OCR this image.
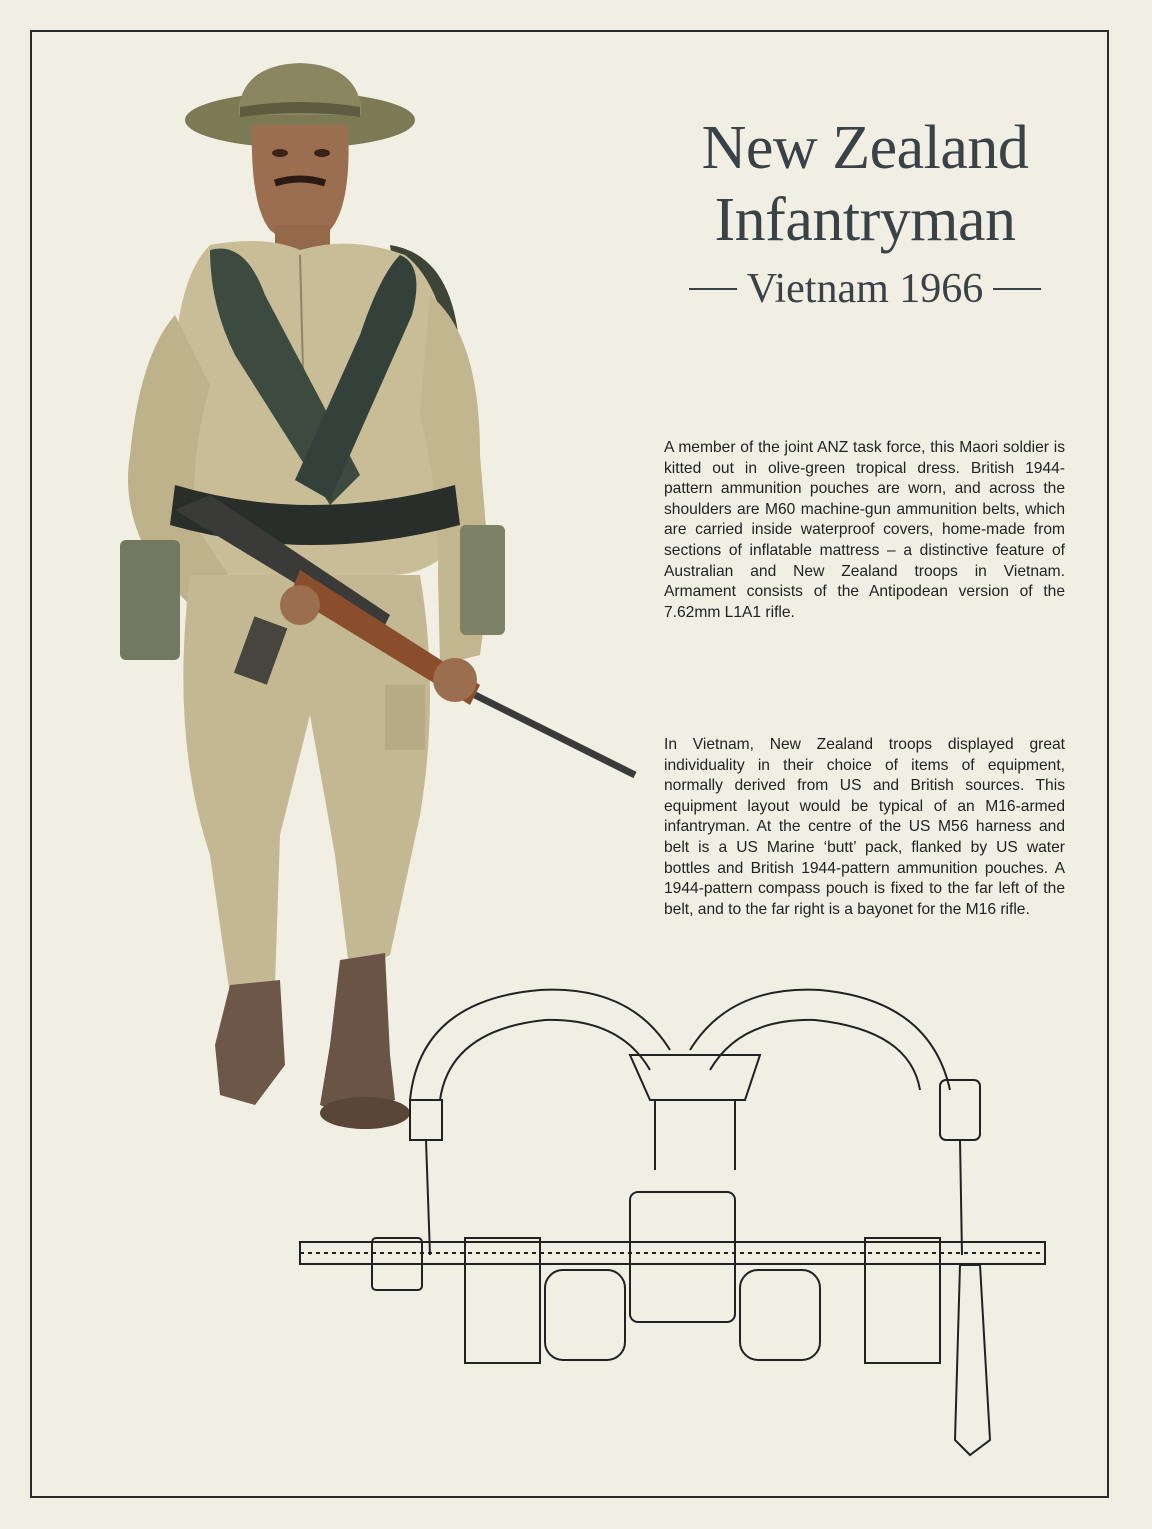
New Zealand
Infantryman
Vietnam 1966

A member of the joint ANZ task force, this Maori soldier is kitted out in olive-green tropical dress. British 1944-pattern ammunition pouches are worn, and across the shoulders are M60 machine-gun ammunition belts, which are carried inside waterproof covers, home-made from sections of inflatable mattress – a distinctive feature of Australian and New Zealand troops in Vietnam. Armament consists of the Antipodean version of the 7.62mm L1A1 rifle.

In Vietnam, New Zealand troops displayed great individuality in their choice of items of equipment, normally derived from US and British sources. This equipment layout would be typical of an M16-armed infantryman. At the centre of the US M56 harness and belt is a US Marine ‘butt’ pack, flanked by US water bottles and British 1944-pattern ammunition pouches. A 1944-pattern compass pouch is fixed to the far left of the belt, and to the far right is a bayonet for the M16 rifle.
